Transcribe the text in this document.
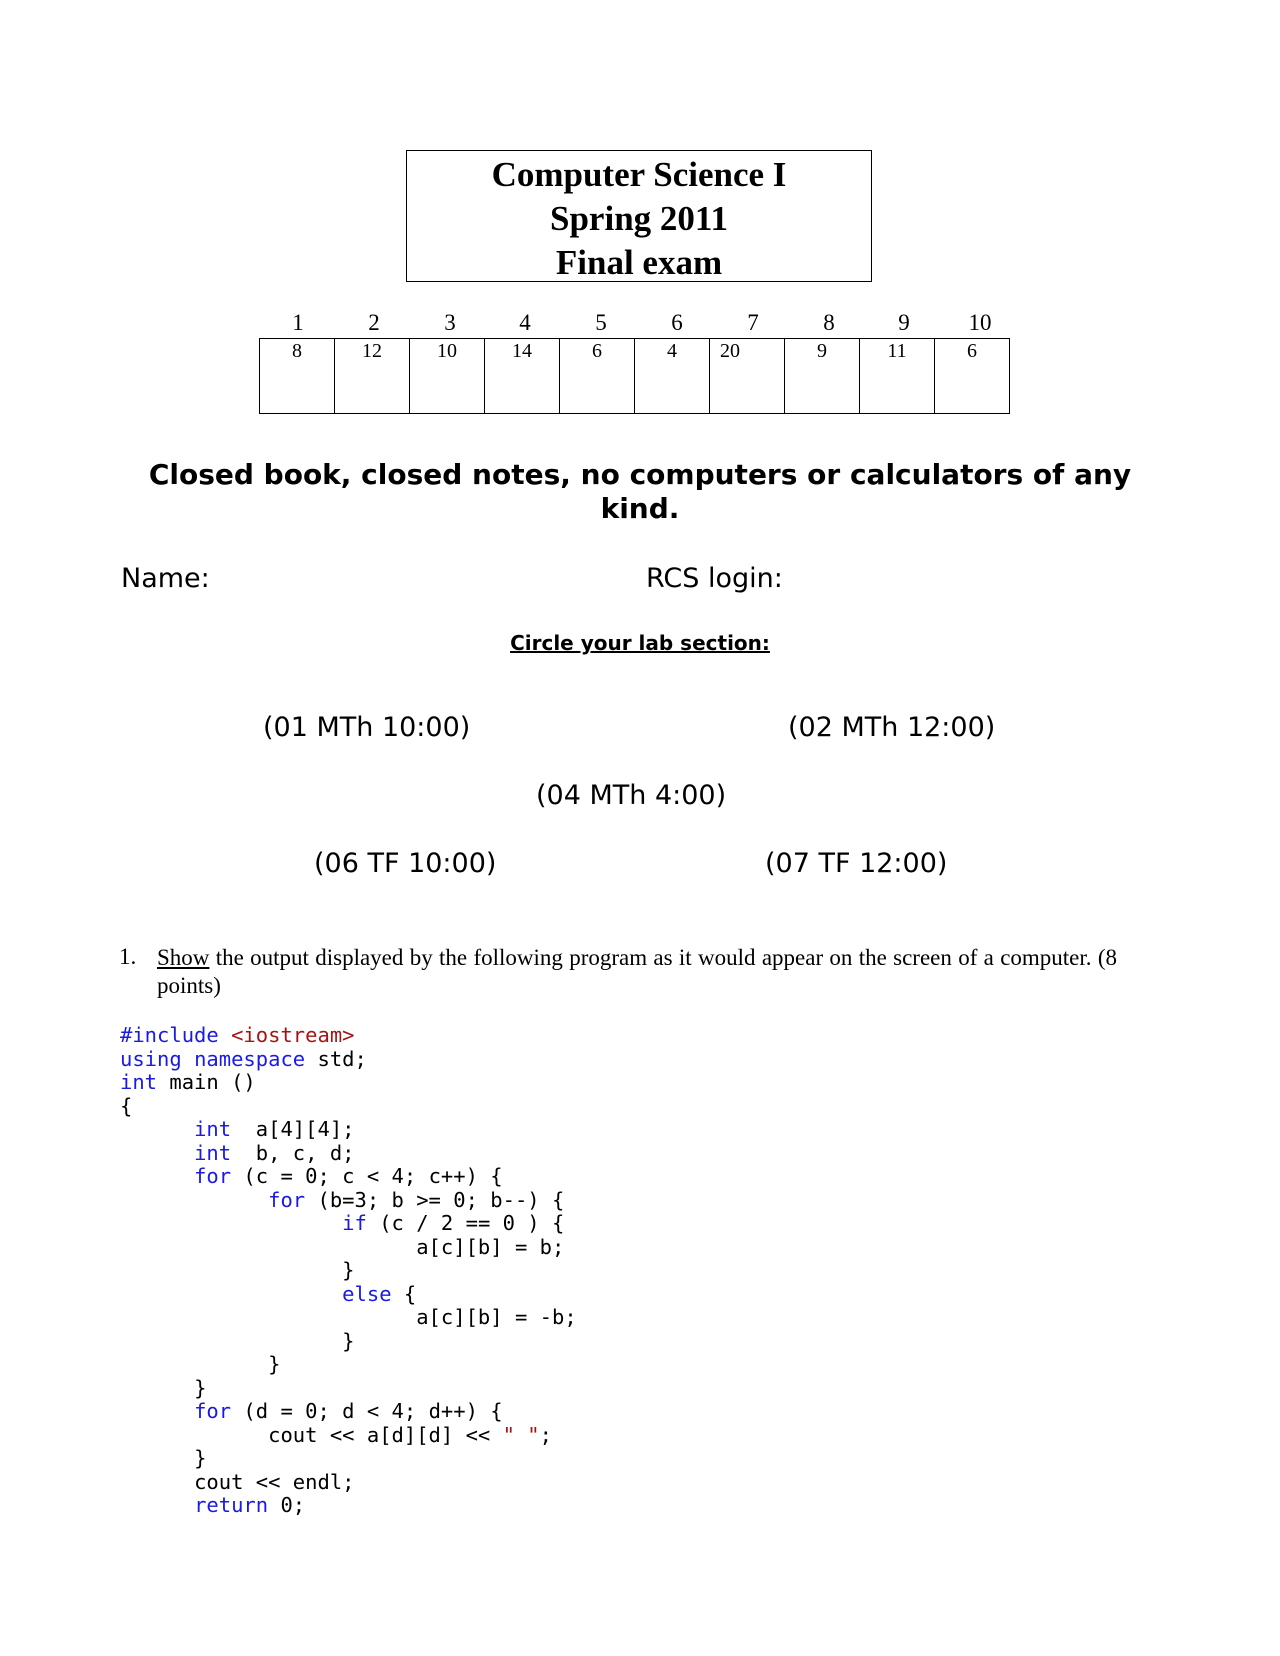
Computer Science I
Spring 2011
Final exam
1	2	3	4	5	6	7	8	9	10
8	12	10	14	6	4	20	9	11	6
Closed book, closed notes, no computers or calculators of any kind.
Name:	RCS login:
Circle your lab section:
(01 MTh 10:00)	(02 MTh 12:00)
(04 MTh 4:00)
(06 TF 10:00)	(07 TF 12:00)
1. Show the output displayed by the following program as it would appear on the screen of a computer. (8 points)
#include <iostream>
using namespace std;
int main ()
{
int  a[4][4];
int  b, c, d;
for (c = 0; c < 4; c++) {
for (b=3; b >= 0; b--) {
if (c / 2 == 0 ) {
a[c][b] = b;
}
else {
a[c][b] = -b;
}
}
}
for (d = 0; d < 4; d++) {
cout << a[d][d] << " ";
}
cout << endl;
return 0;
